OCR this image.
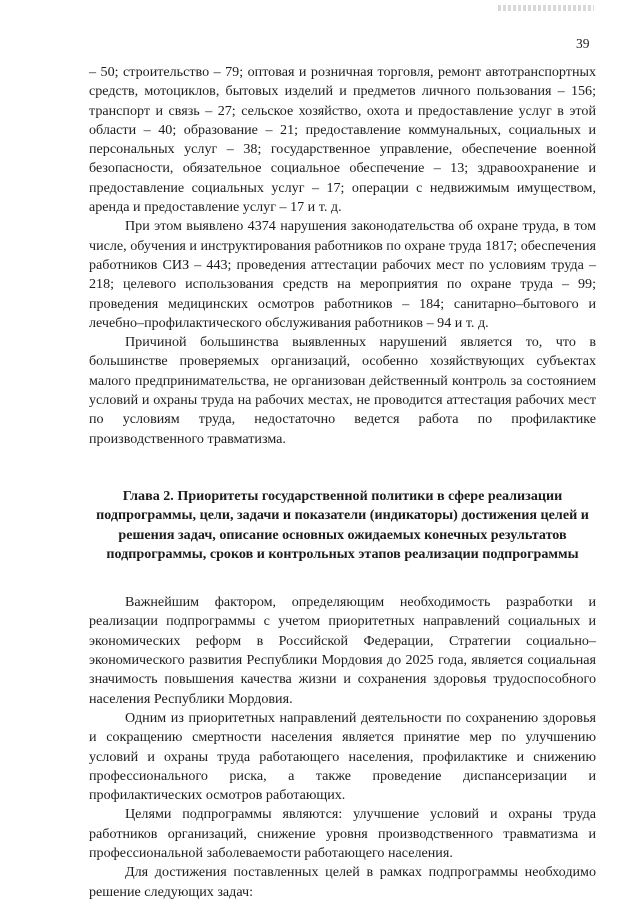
39

– 50; строительство – 79; оптовая и розничная торговля, ремонт автотранспортных средств, мотоциклов, бытовых изделий и предметов личного пользования – 156; транспорт и связь – 27; сельское хозяйство, охота и предоставление услуг в этой области – 40; образование – 21; предоставление коммунальных, социальных и персональных услуг – 38; государственное управление, обеспечение военной безопасности, обязательное социальное обеспечение – 13; здравоохранение и предоставление социальных услуг – 17; операции с недвижимым имуществом, аренда и предоставление услуг – 17 и т. д.

При этом выявлено 4374 нарушения законодательства об охране труда, в том числе, обучения и инструктирования работников по охране труда 1817; обеспечения работников СИЗ – 443; проведения аттестации рабочих мест по условиям труда – 218; целевого использования средств на мероприятия по охране труда – 99; проведения медицинских осмотров работников – 184; санитарно–бытового и лечебно–профилактического обслуживания работников – 94 и т. д.

Причиной большинства выявленных нарушений является то, что в большинстве проверяемых организаций, особенно хозяйствующих субъектах малого предпринимательства, не организован действенный контроль за состоянием условий и охраны труда на рабочих местах, не проводится аттестация рабочих мест по условиям труда, недостаточно ведется работа по профилактике производственного травматизма.

Глава 2. Приоритеты государственной политики в сфере реализации подпрограммы, цели, задачи и показатели (индикаторы) достижения целей и решения задач, описание основных ожидаемых конечных результатов подпрограммы, сроков и контрольных этапов реализации подпрограммы

Важнейшим фактором, определяющим необходимость разработки и реализации подпрограммы с учетом приоритетных направлений социальных и экономических реформ в Российской Федерации, Стратегии социально–экономического развития Республики Мордовия до 2025 года, является социальная значимость повышения качества жизни и сохранения здоровья трудоспособного населения Республики Мордовия.

Одним из приоритетных направлений деятельности по сохранению здоровья и сокращению смертности населения является принятие мер по улучшению условий и охраны труда работающего населения, профилактике и снижению профессионального риска, а также проведение диспансеризации и профилактических осмотров работающих.

Целями подпрограммы являются: улучшение условий и охраны труда работников организаций, снижение уровня производственного травматизма и профессиональной заболеваемости работающего населения.

Для достижения поставленных целей в рамках подпрограммы необходимо решение следующих задач:
